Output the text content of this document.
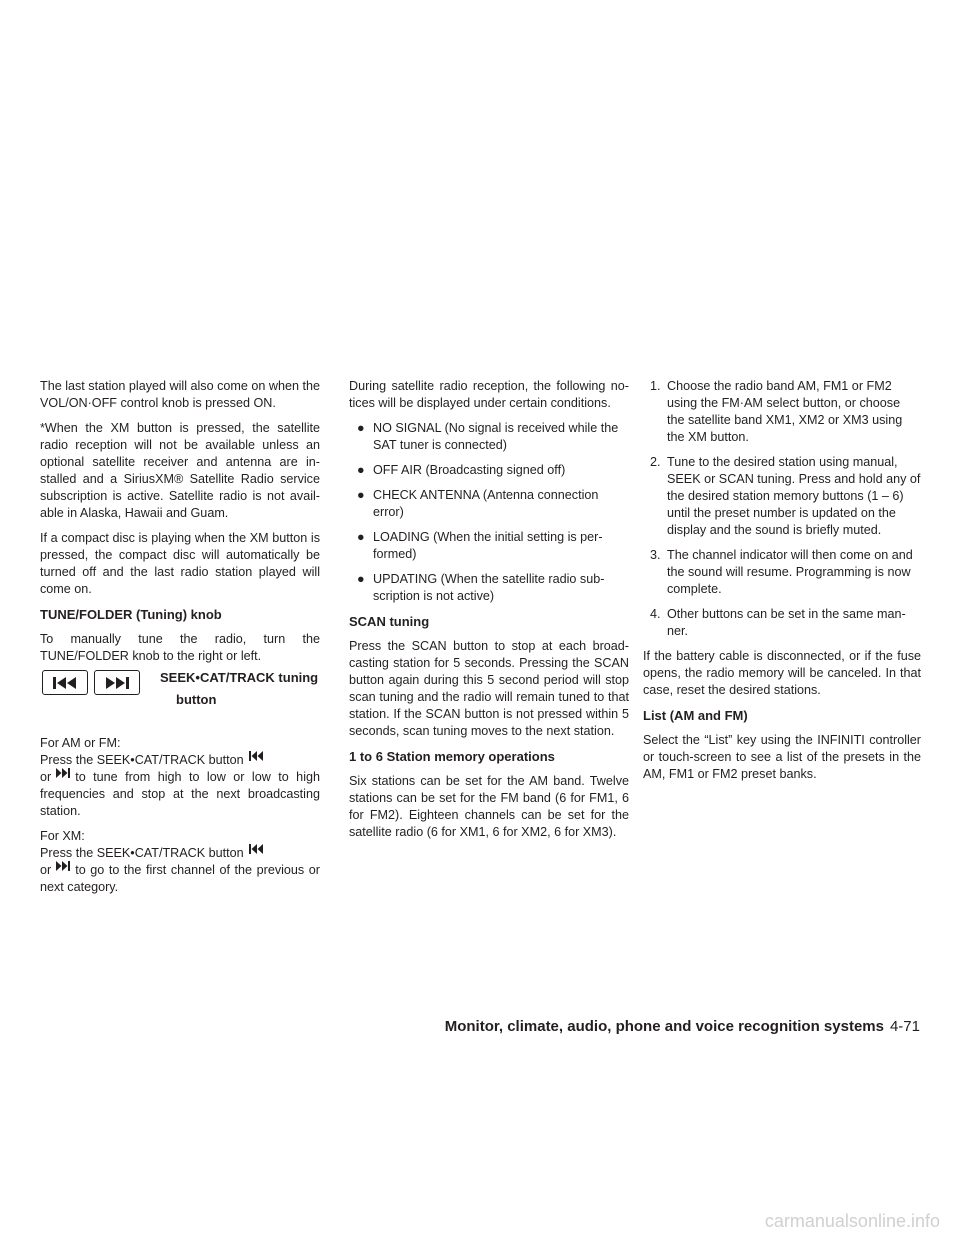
The last station played will also come on when the VOL/ON·OFF control knob is pressed ON.

*When the XM button is pressed, the satellite radio reception will not be available unless an optional satellite receiver and antenna are in-stalled and a SiriusXM® Satellite Radio service subscription is active. Satellite radio is not avail-able in Alaska, Hawaii and Guam.

If a compact disc is playing when the XM button is pressed, the compact disc will automatically be turned off and the last radio station played will come on.

TUNE/FOLDER (Tuning) knob

To manually tune the radio, turn the TUNE/FOLDER knob to the right or left.

SEEK•CAT/TRACK tuning
button

For AM or FM:

Press the SEEK•CAT/TRACK button

or to tune from high to low or low to high frequencies and stop at the next broadcasting station.

For XM:

Press the SEEK•CAT/TRACK button

or to go to the first channel of the previous or next category.

During satellite radio reception, the following no-tices will be displayed under certain conditions.

● NO SIGNAL (No signal is received while the SAT tuner is connected)
● OFF AIR (Broadcasting signed off)
● CHECK ANTENNA (Antenna connection error)
● LOADING (When the initial setting is per-formed)
● UPDATING (When the satellite radio sub-scription is not active)
SCAN tuning

Press the SCAN button to stop at each broad-casting station for 5 seconds. Pressing the SCAN button again during this 5 second period will stop scan tuning and the radio will remain tuned to that station. If the SCAN button is not pressed within 5 seconds, scan tuning moves to the next station.

1 to 6 Station memory operations

Six stations can be set for the AM band. Twelve stations can be set for the FM band (6 for FM1, 6 for FM2). Eighteen channels can be set for the satellite radio (6 for XM1, 6 for XM2, 6 for XM3).

1. Choose the radio band AM, FM1 or FM2 using the FM·AM select button, or choose the satellite band XM1, XM2 or XM3 using the XM button.
2. Tune to the desired station using manual, SEEK or SCAN tuning. Press and hold any of the desired station memory buttons (1 – 6) until the preset number is updated on the display and the sound is briefly muted.
3. The channel indicator will then come on and the sound will resume. Programming is now complete.
4. Other buttons can be set in the same man-ner.

If the battery cable is disconnected, or if the fuse opens, the radio memory will be canceled. In that case, reset the desired stations.

List (AM and FM)

Select the “List” key using the INFINITI controller or touch-screen to see a list of the presets in the AM, FM1 or FM2 preset banks.

Monitor, climate, audio, phone and voice recognition systems 4-71
carmanualsonline.info
